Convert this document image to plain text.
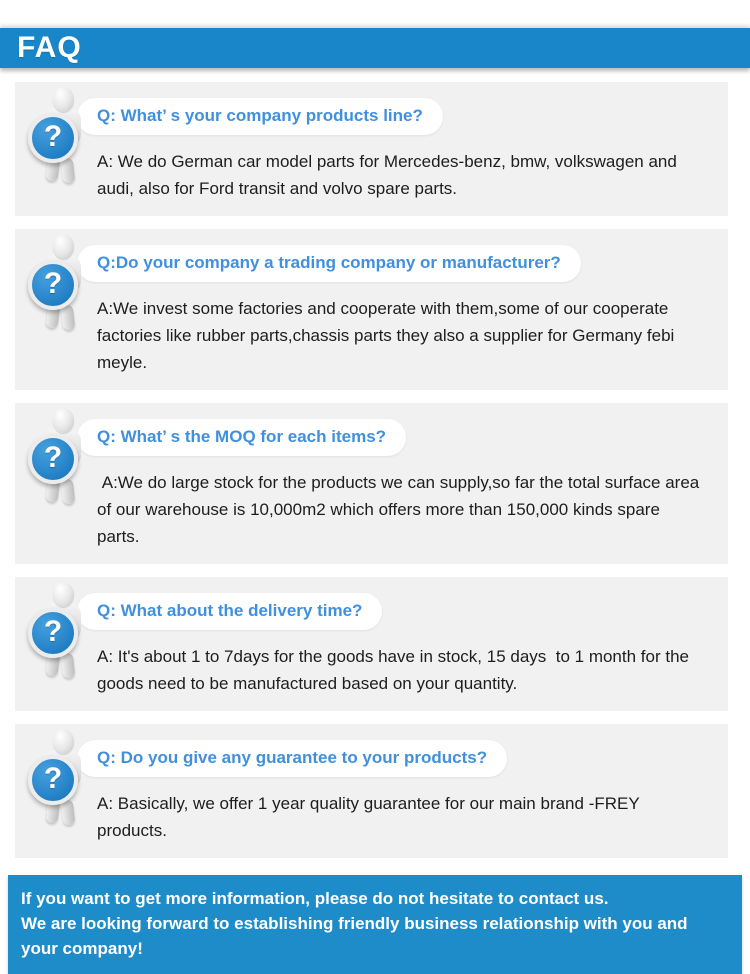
FAQ
?
Q: What’ s your company products line?

A: We do German car model parts for Mercedes-benz, bmw, volkswagen and audi, also for Ford transit and volvo spare parts.

?
Q:Do your company a trading company or manufacturer?

A:We invest some factories and cooperate with them,some of our cooperate factories like rubber parts,chassis parts they also a supplier for Germany febi meyle.

?
Q: What’ s the MOQ for each items?

A:We do large stock for the products we can supply,so far the total surface area of our warehouse is 10,000m2 which offers more than 150,000 kinds spare parts.

?
Q: What about the delivery time?

A: It's about 1 to 7days for the goods have in stock, 15 days  to 1 month for the goods need to be manufactured based on your quantity.

?
Q: Do you give any guarantee to your products?

A: Basically, we offer 1 year quality guarantee for our main brand -FREY products.

If you want to get more information, please do not hesitate to contact us.
We are looking forward to establishing friendly business relationship with you and your company!
